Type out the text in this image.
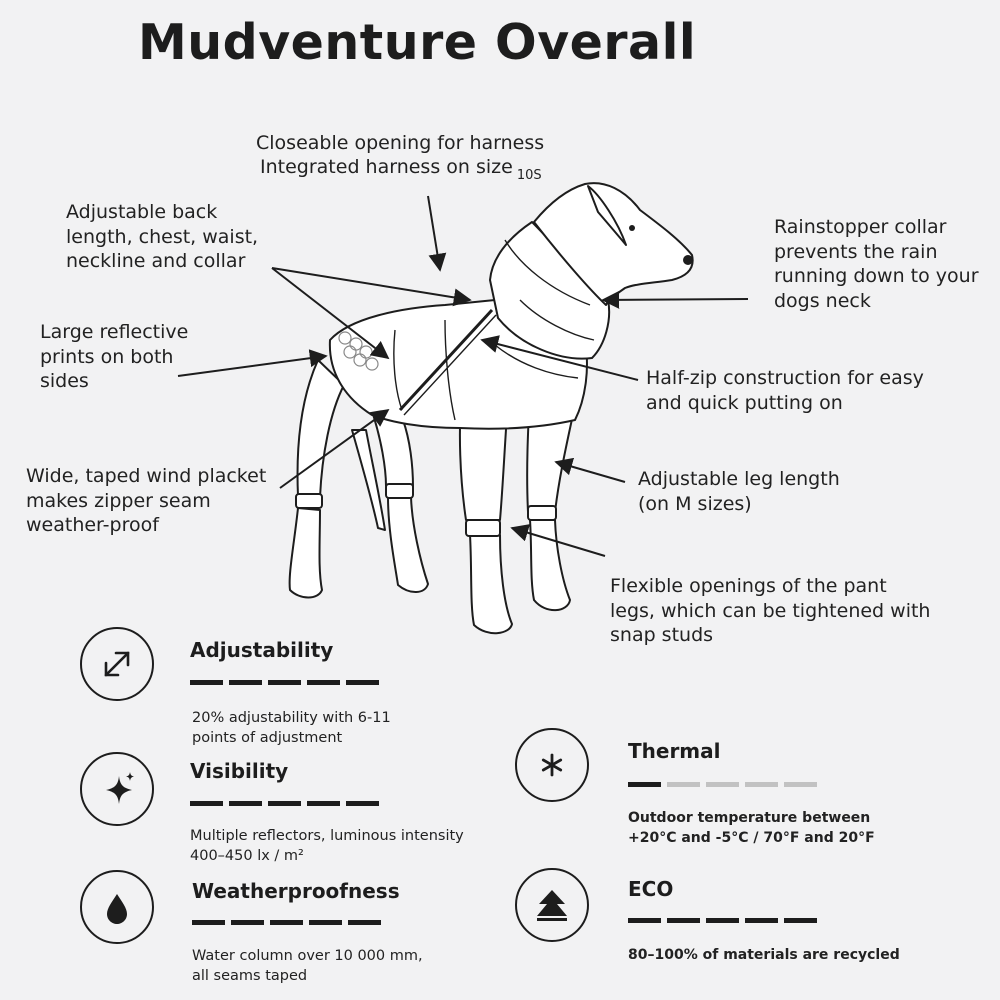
Mudventure Overall
Closeable opening for harness
Integrated harness on size $_{10S}$
Adjustable back
length, chest, waist,
neckline and collar
Large reflective
prints on both
sides
Rainstopper collar
prevents the rain
running down to your
dogs neck
Half-zip construction for easy
and quick putting on
Wide, taped wind placket
makes zipper seam
weather-proof
Adjustable leg length
(on M sizes)
Flexible openings of the pant
legs, which can be tightened with
snap studs
Adjustability
20% adjustability with 6-11
points of adjustment
Visibility
Multiple reflectors, luminous intensity
400–450 lx / m²
Weatherproofness
Water column over 10 000 mm,
all seams taped
Thermal
Outdoor temperature between
+20°C and -5°C / 70°F and 20°F
ECO
80–100% of materials are recycled
